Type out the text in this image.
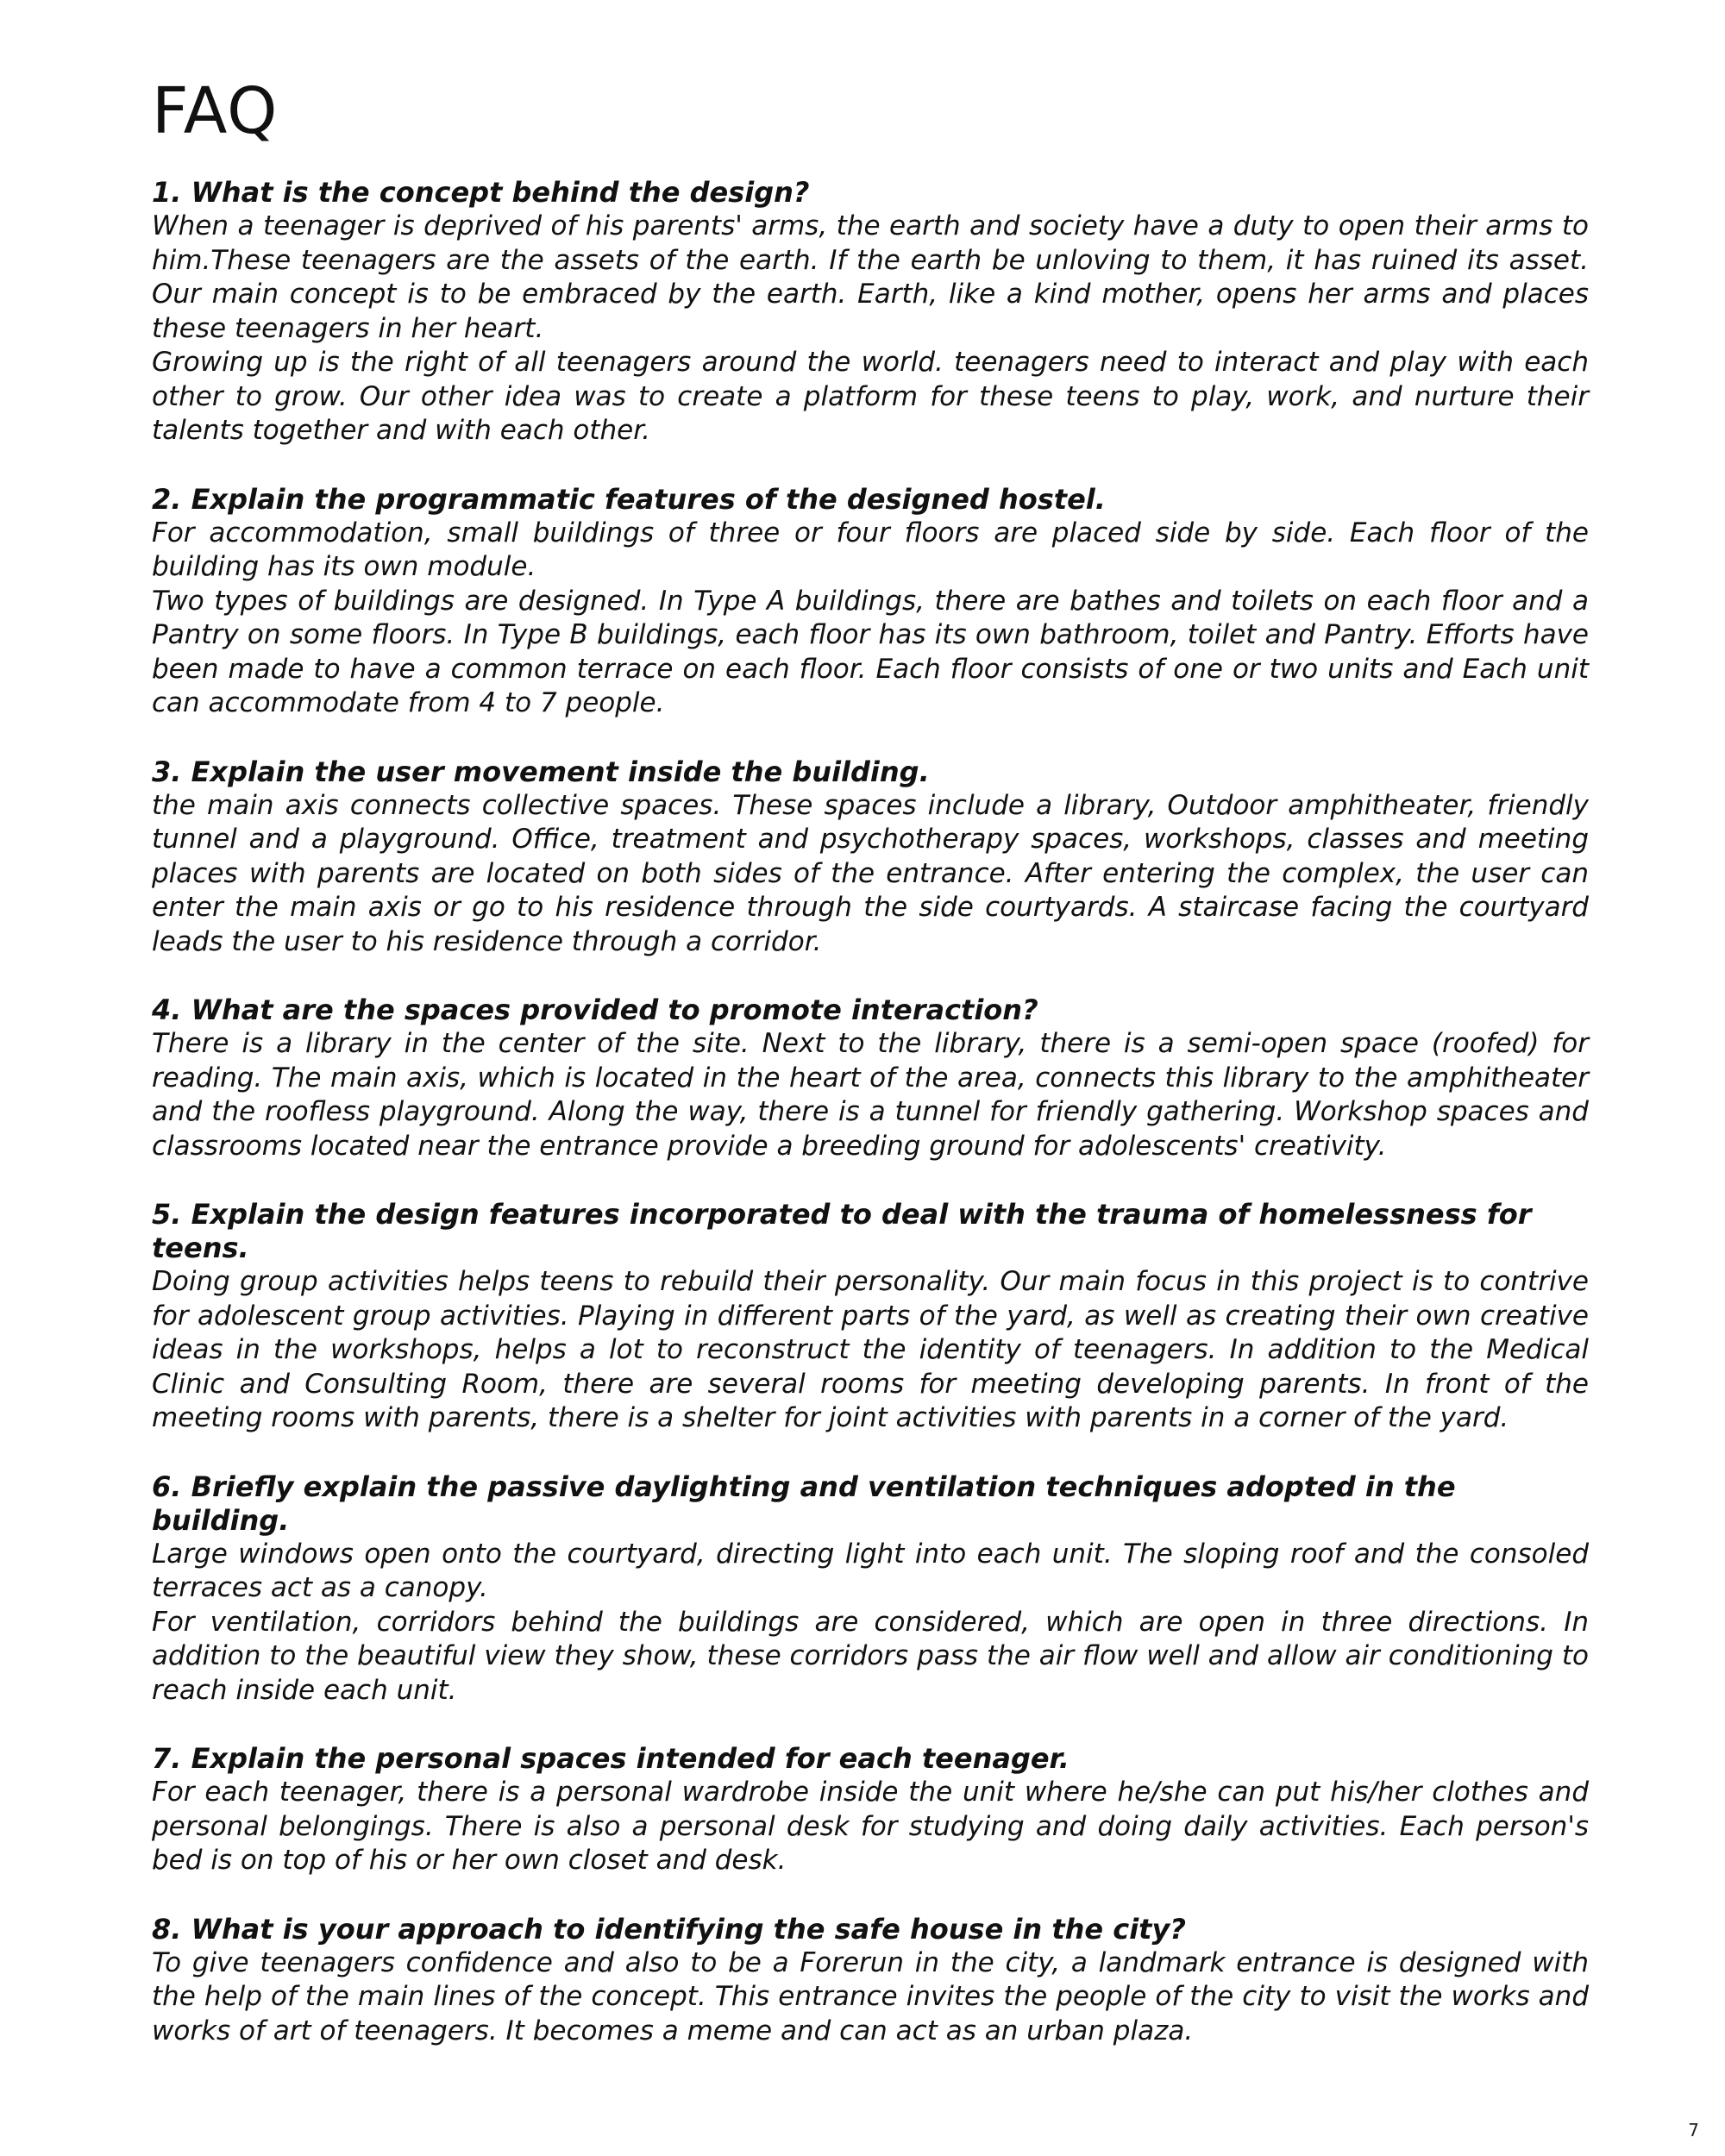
FAQ

1. What is the concept behind the design?

When a teenager is deprived of his parents' arms, the earth and society have a duty to open their arms to him.These teenagers are the assets of the earth. If the earth be unloving to them, it has ruined its asset. Our main concept is to be embraced by the earth. Earth, like a kind mother, opens her arms and places these teenagers in her heart.

Growing up is the right of all teenagers around the world. teenagers need to interact and play with each other to grow. Our other idea was to create a platform for these teens to play, work, and nurture their talents together and with each other.

2. Explain the programmatic features of the designed hostel.

For accommodation, small buildings of three or four floors are placed side by side. Each floor of the building has its own module.

Two types of buildings are designed. In Type A buildings, there are bathes and toilets on each floor and a Pantry on some floors. In Type B buildings, each floor has its own bathroom, toilet and Pantry. Efforts have been made to have a common terrace on each floor. Each floor consists of one or two units and Each unit can accommodate from 4 to 7 people.

3. Explain the user movement inside the building.

the main axis connects collective spaces. These spaces include a library, Outdoor amphitheater, friendly tunnel and a playground. Office, treatment and psychotherapy spaces, workshops, classes and meeting places with parents are located on both sides of the entrance. After entering the complex, the user can enter the main axis or go to his residence through the side courtyards. A staircase facing the courtyard leads the user to his residence through a corridor.

4. What are the spaces provided to promote interaction?

There is a library in the center of the site. Next to the library, there is a semi-open space (roofed) for reading. The main axis, which is located in the heart of the area, connects this library to the amphitheater and the roofless playground. Along the way, there is a tunnel for friendly gathering. Workshop spaces and classrooms located near the entrance provide a breeding ground for adolescents' creativity.

5. Explain the design features incorporated to deal with the trauma of homelessness for teens.

Doing group activities helps teens to rebuild their personality. Our main focus in this project is to contrive for adolescent group activities. Playing in different parts of the yard, as well as creating their own creative ideas in the workshops, helps a lot to reconstruct the identity of teenagers. In addition to the Medical Clinic and Consulting Room, there are several rooms for meeting developing parents. In front of the meeting rooms with parents, there is a shelter for joint activities with parents in a corner of the yard.

6. Briefly explain the passive daylighting and ventilation techniques adopted in the building.

Large windows open onto the courtyard, directing light into each unit. The sloping roof and the consoled terraces act as a canopy.

For ventilation, corridors behind the buildings are considered, which are open in three directions. In addition to the beautiful view they show, these corridors pass the air flow well and allow air conditioning to reach inside each unit.

7. Explain the personal spaces intended for each teenager.

For each teenager, there is a personal wardrobe inside the unit where he/she can put his/her clothes and personal belongings. There is also a personal desk for studying and doing daily activities. Each person's bed is on top of his or her own closet and desk.

8. What is your approach to identifying the safe house in the city?

To give teenagers confidence and also to be a Forerun in the city, a landmark entrance is designed with the help of the main lines of the concept. This entrance invites the people of the city to visit the works and works of art of teenagers. It becomes a meme and can act as an urban plaza.

7
